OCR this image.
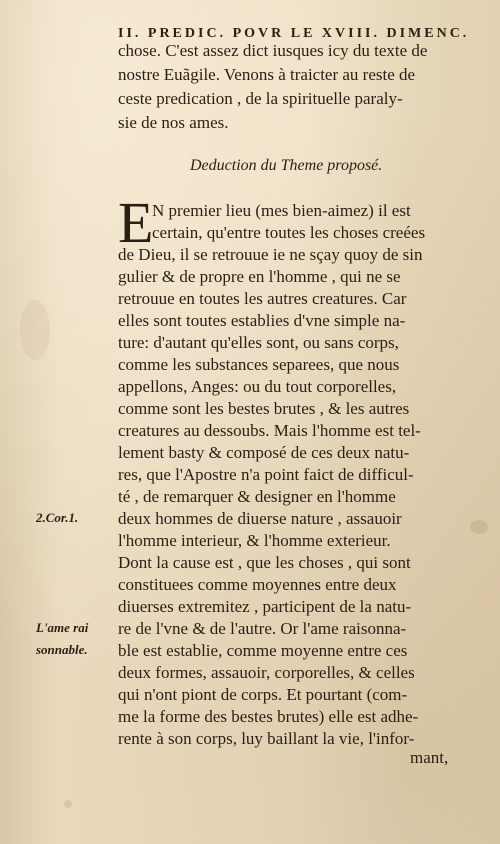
II. PREDIC. POVR LE XVIII. DIMENC.
chose. C'est assez dict iusques icy du texte de
nostre Euãgile. Venons à traicter au reste de
ceste predication , de la spirituelle paraly-
sie de nos ames.
Deduction du Theme proposé.
E
N premier lieu (mes bien-aimez) il est
certain, qu'entre toutes les choses creées
de Dieu, il se retrouue ie ne sçay quoy de sin
gulier & de propre en l'homme , qui ne se
retrouue en toutes les autres creatures. Car
elles sont toutes establies d'vne simple na-
ture: d'autant qu'elles sont, ou sans corps,
comme les substances separees, que nous
appellons, Anges: ou du tout corporelles,
comme sont les bestes brutes , & les autres
creatures au dessoubs. Mais l'homme est tel-
lement basty & composé de ces deux natu-
res, que l'Apostre n'a point faict de difficul-
té , de remarquer & designer en l'homme
deux hommes de diuerse nature , assauoir
l'homme interieur, & l'homme exterieur.
Dont la cause est , que les choses , qui sont
constituees comme moyennes entre deux
diuerses extremitez , participent de la natu-
re de l'vne & de l'autre. Or l'ame raisonna-
ble est establie, comme moyenne entre ces
deux formes, assauoir, corporelles, & celles
qui n'ont piont de corps. Et pourtant (com-
me la forme des bestes brutes) elle est adhe-
rente à son corps, luy baillant la vie, l'infor-
mant,
2.Cor.1.
L'ame rai
sonnable.
